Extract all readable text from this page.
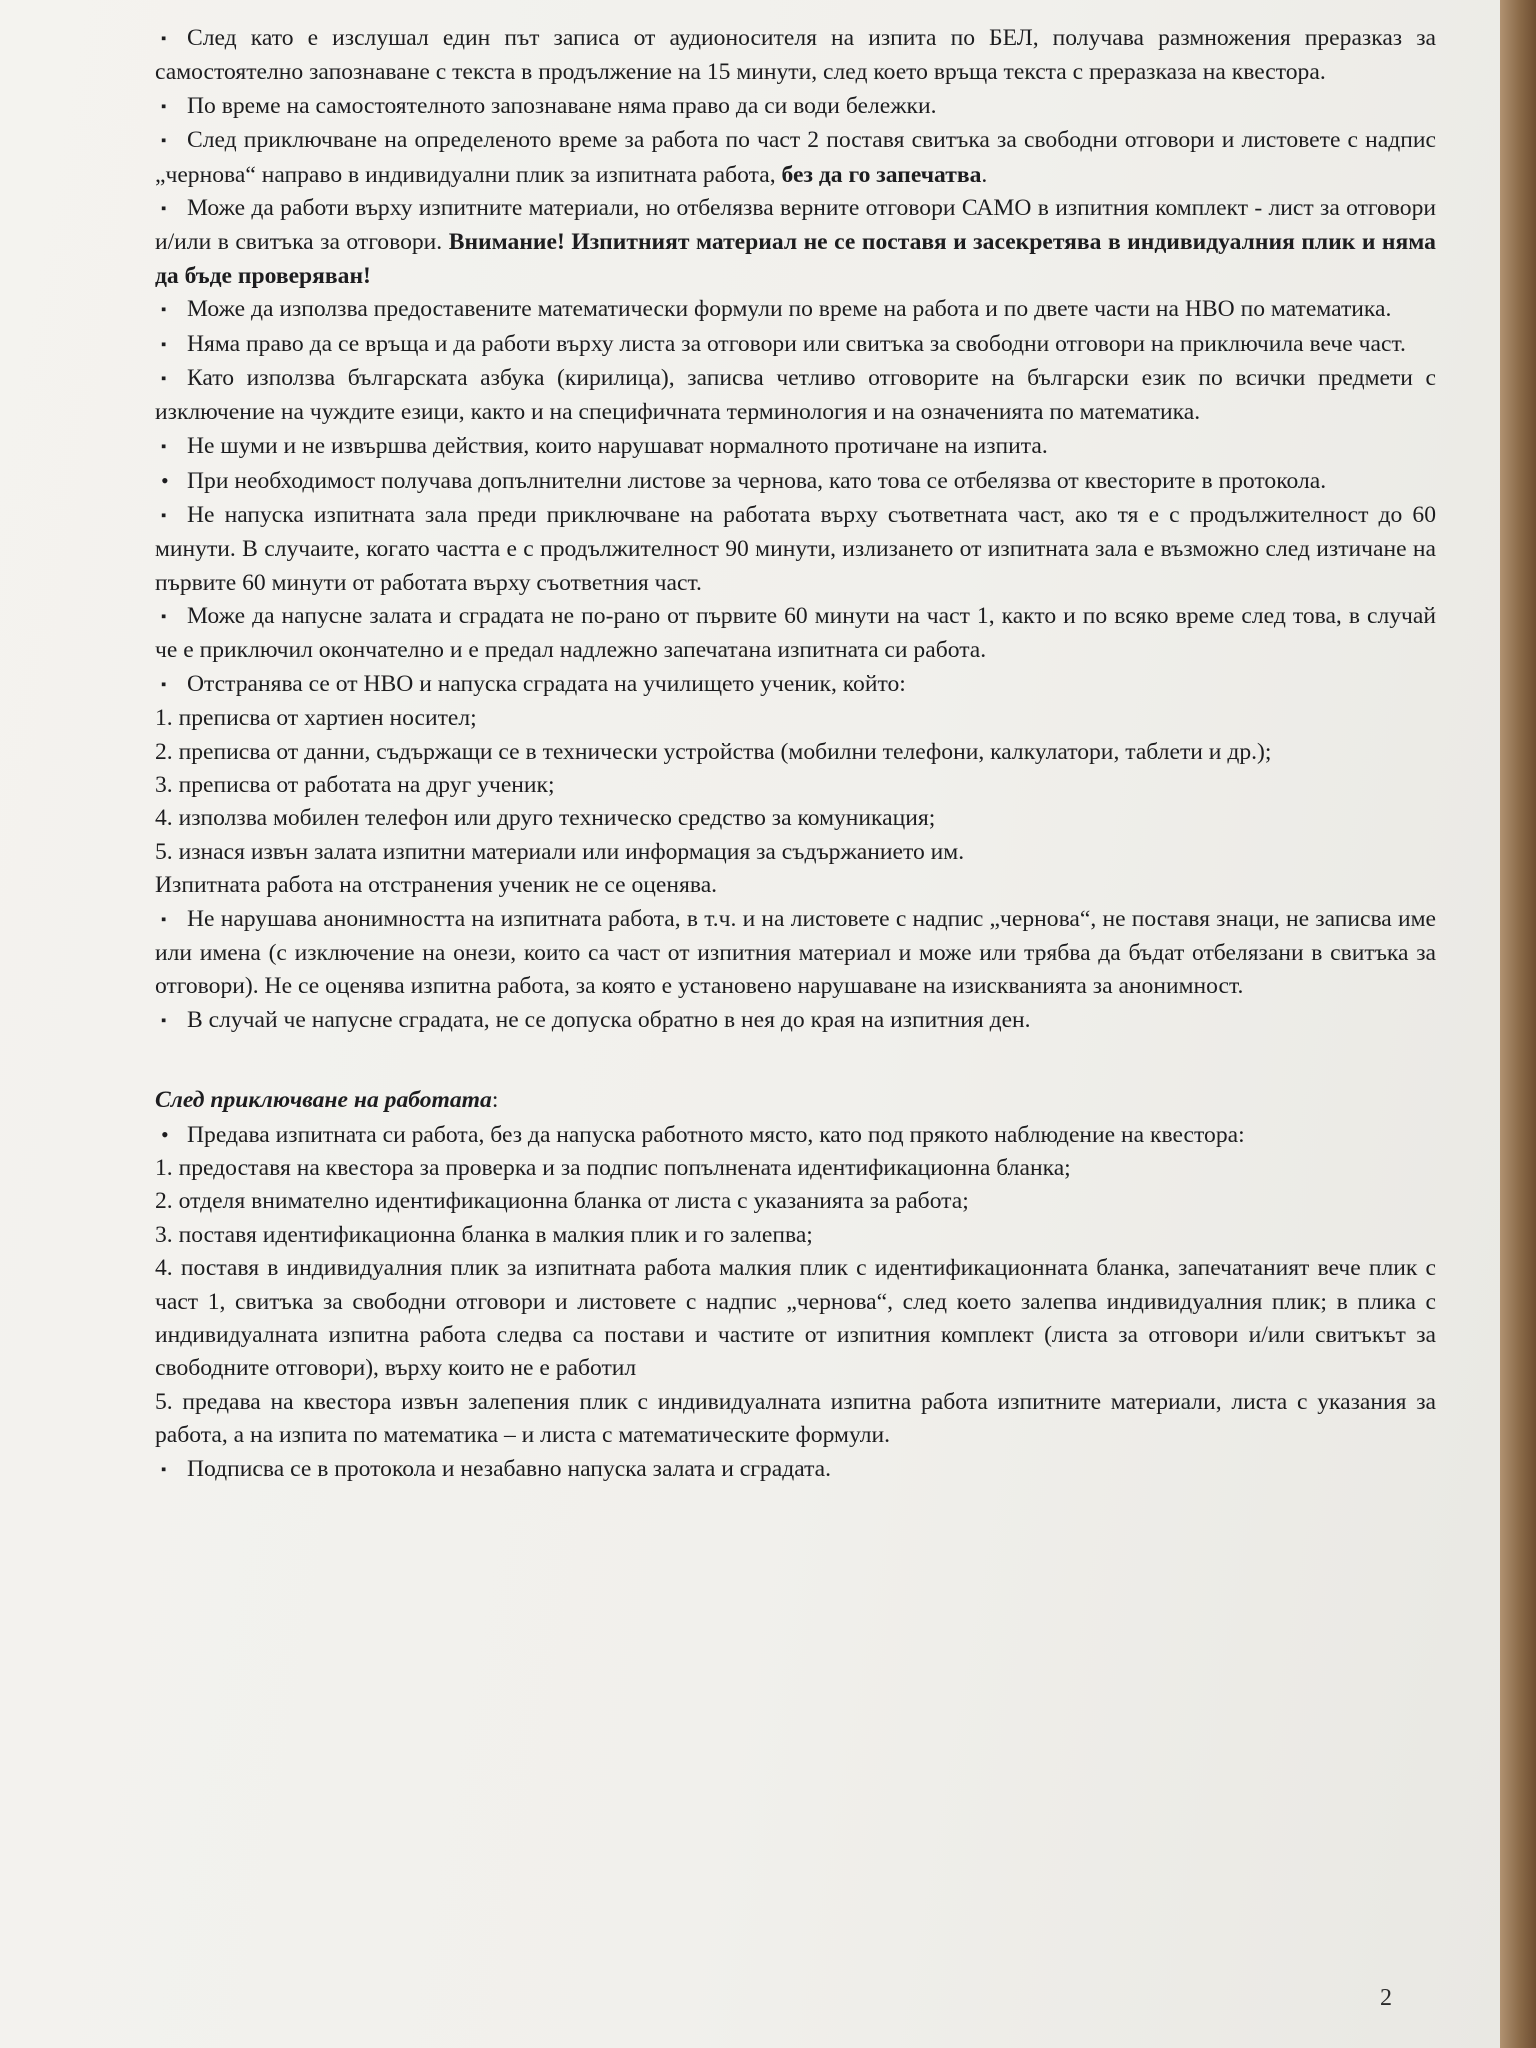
▪ След като е изслушал един път записа от аудионосителя на изпита по БЕЛ, получава размножения преразказ за самостоятелно запознаване с текста в продължение на 15 минути, след което връща текста с преразказа на квестора.

▪ По време на самостоятелното запознаване няма право да си води бележки.

▪ След приключване на определеното време за работа по част 2 поставя свитъка за свободни отговори и листовете с надпис „чернова“ направо в индивидуални плик за изпитната работа, без да го запечатва.

▪ Може да работи върху изпитните материали, но отбелязва верните отговори САМО в изпитния комплект - лист за отговори и/или в свитъка за отговори. Внимание! Изпитният материал не се поставя и засекретява в индивидуалния плик и няма да бъде проверяван!

▪ Може да използва предоставените математически формули по време на работа и по двете части на НВО по математика.

▪ Няма право да се връща и да работи върху листа за отговори или свитъка за свободни отговори на приключила вече част.

▪ Като използва българската азбука (кирилица), записва четливо отговорите на български език по всички предмети с изключение на чуждите езици, както и на специфичната терминология и на означенията по математика.

▪ Не шуми и не извършва действия, които нарушават нормалното протичане на изпита.

• При необходимост получава допълнителни листове за чернова, като това се отбелязва от квесторите в протокола.

▪ Не напуска изпитната зала преди приключване на работата върху съответната част, ако тя е с продължителност до 60 минути. В случаите, когато частта е с продължителност 90 минути, излизането от изпитната зала е възможно след изтичане на първите 60 минути от работата върху съответния част.

▪ Може да напусне залата и сградата не по-рано от първите 60 минути на част 1, както и по всяко време след това, в случай че е приключил окончателно и е предал надлежно запечатана изпитната си работа.

▪ Отстранява се от НВО и напуска сградата на училището ученик, който:

1. преписва от хартиен носител;

2. преписва от данни, съдържащи се в технически устройства (мобилни телефони, калкулатори, таблети и др.);

3. преписва от работата на друг ученик;

4. използва мобилен телефон или друго техническо средство за комуникация;

5. изнася извън залата изпитни материали или информация за съдържанието им.

Изпитната работа на отстранения ученик не се оценява.

▪ Не нарушава анонимността на изпитната работа, в т.ч. и на листовете с надпис „чернова“, не поставя знаци, не записва име или имена (с изключение на онези, които са част от изпитния материал и може или трябва да бъдат отбелязани в свитъка за отговори). Не се оценява изпитна работа, за която е установено нарушаване на изискванията за анонимност.

▪ В случай че напусне сградата, не се допуска обратно в нея до края на изпитния ден.

След приключване на работата:

• Предава изпитната си работа, без да напуска работното място, като под прякото наблюдение на квестора:

1. предоставя на квестора за проверка и за подпис попълнената идентификационна бланка;

2. отделя внимателно идентификационна бланка от листа с указанията за работа;

3. поставя идентификационна бланка в малкия плик и го залепва;

4. поставя в индивидуалния плик за изпитната работа малкия плик с идентификационната бланка, запечатаният вече плик с част 1, свитъка за свободни отговори и листовете с надпис „чернова“, след което залепва индивидуалния плик; в плика с индивидуалната изпитна работа следва са постави и частите от изпитния комплект (листа за отговори и/или свитъкът за свободните отговори), върху които не е работил

5. предава на квестора извън залепения плик с индивидуалната изпитна работа изпитните материали, листа с указания за работа, а на изпита по математика – и листа с математическите формули.

▪ Подписва се в протокола и незабавно напуска залата и сградата.

2
